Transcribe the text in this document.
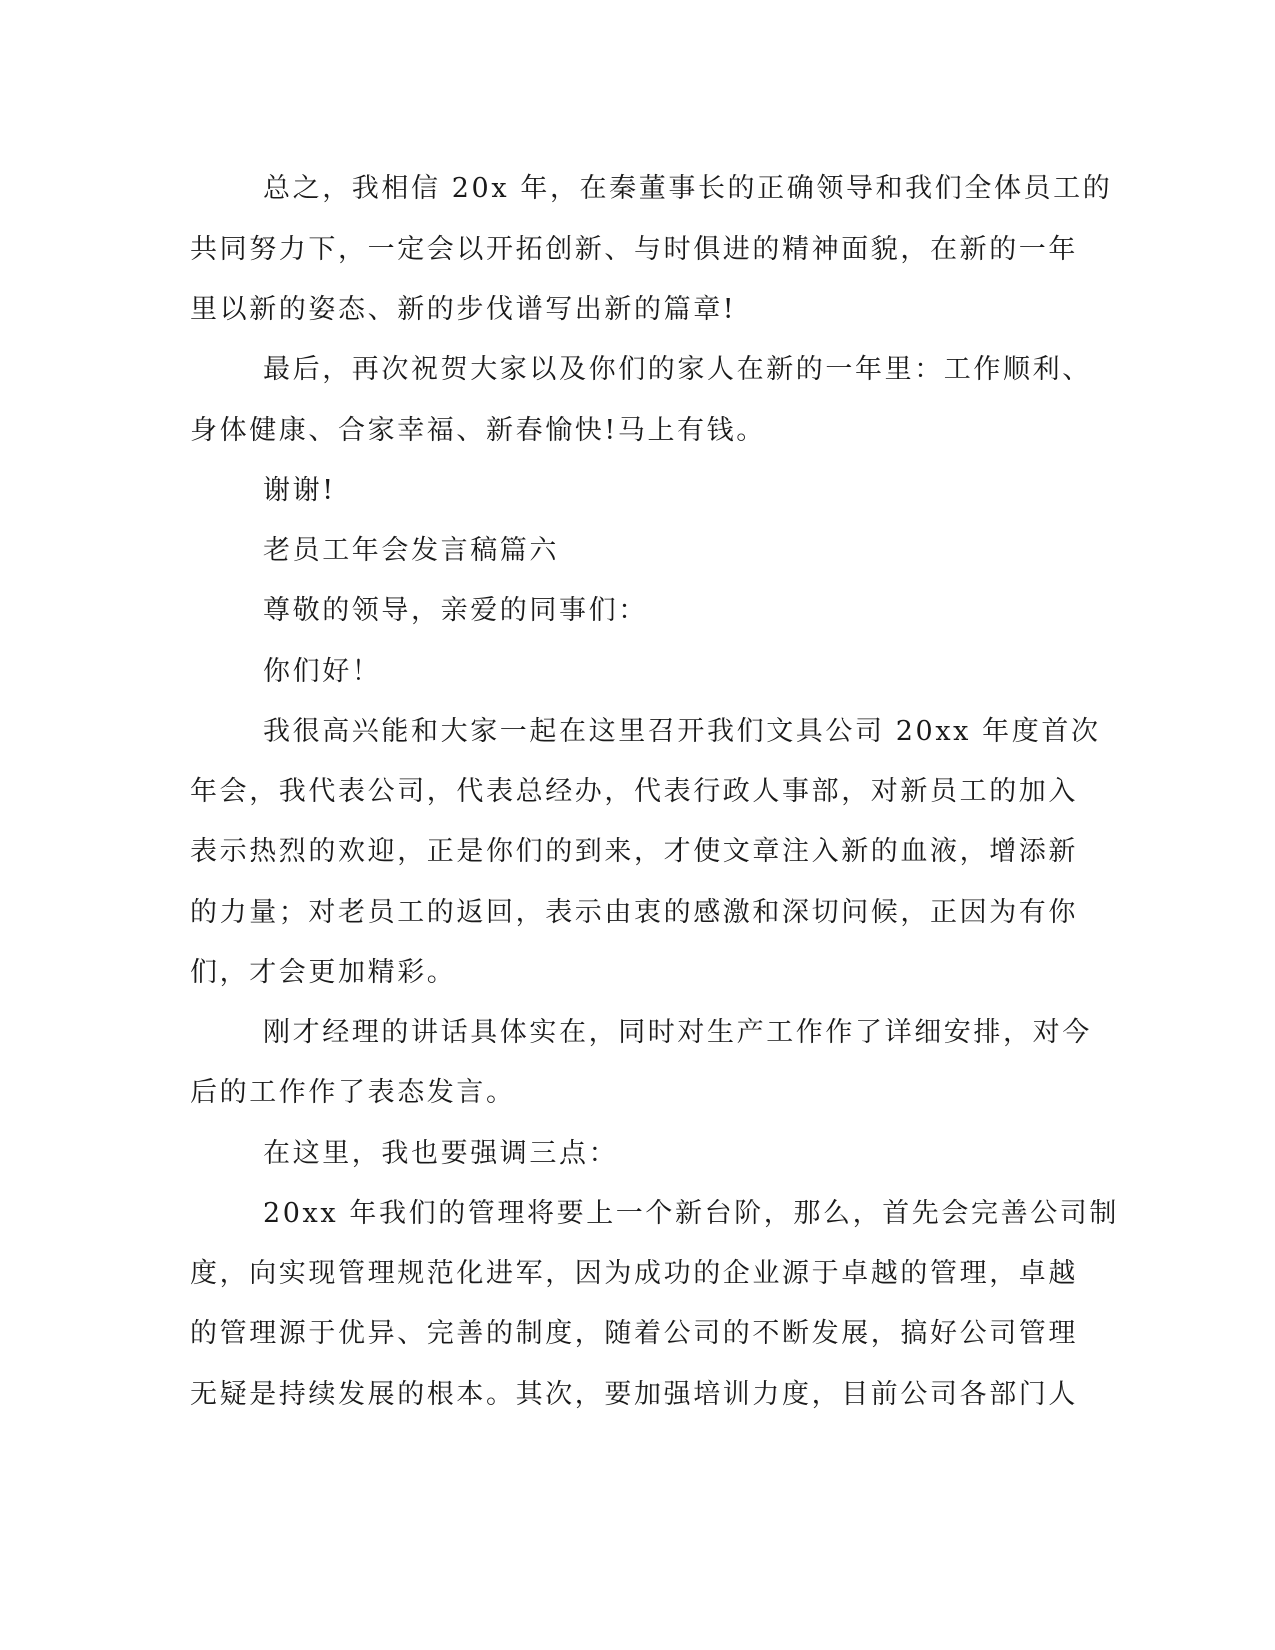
总之，我相信 20x 年，在秦董事长的正确领导和我们全体员工的

共同努力下，一定会以开拓创新、与时俱进的精神面貌，在新的一年

里以新的姿态、新的步伐谱写出新的篇章!

最后，再次祝贺大家以及你们的家人在新的一年里：工作顺利、

身体健康、合家幸福、新春愉快!马上有钱。

谢谢!

老员工年会发言稿篇六

尊敬的领导，亲爱的同事们：

你们好！

我很高兴能和大家一起在这里召开我们文具公司 20xx 年度首次

年会，我代表公司，代表总经办，代表行政人事部，对新员工的加入

表示热烈的欢迎，正是你们的到来，才使文章注入新的血液，增添新

的力量；对老员工的返回，表示由衷的感激和深切问候，正因为有你

们，才会更加精彩。

刚才经理的讲话具体实在，同时对生产工作作了详细安排，对今

后的工作作了表态发言。

在这里，我也要强调三点：

20xx 年我们的管理将要上一个新台阶，那么，首先会完善公司制

度，向实现管理规范化进军，因为成功的企业源于卓越的管理，卓越

的管理源于优异、完善的制度，随着公司的不断发展，搞好公司管理

无疑是持续发展的根本。其次，要加强培训力度，目前公司各部门人
